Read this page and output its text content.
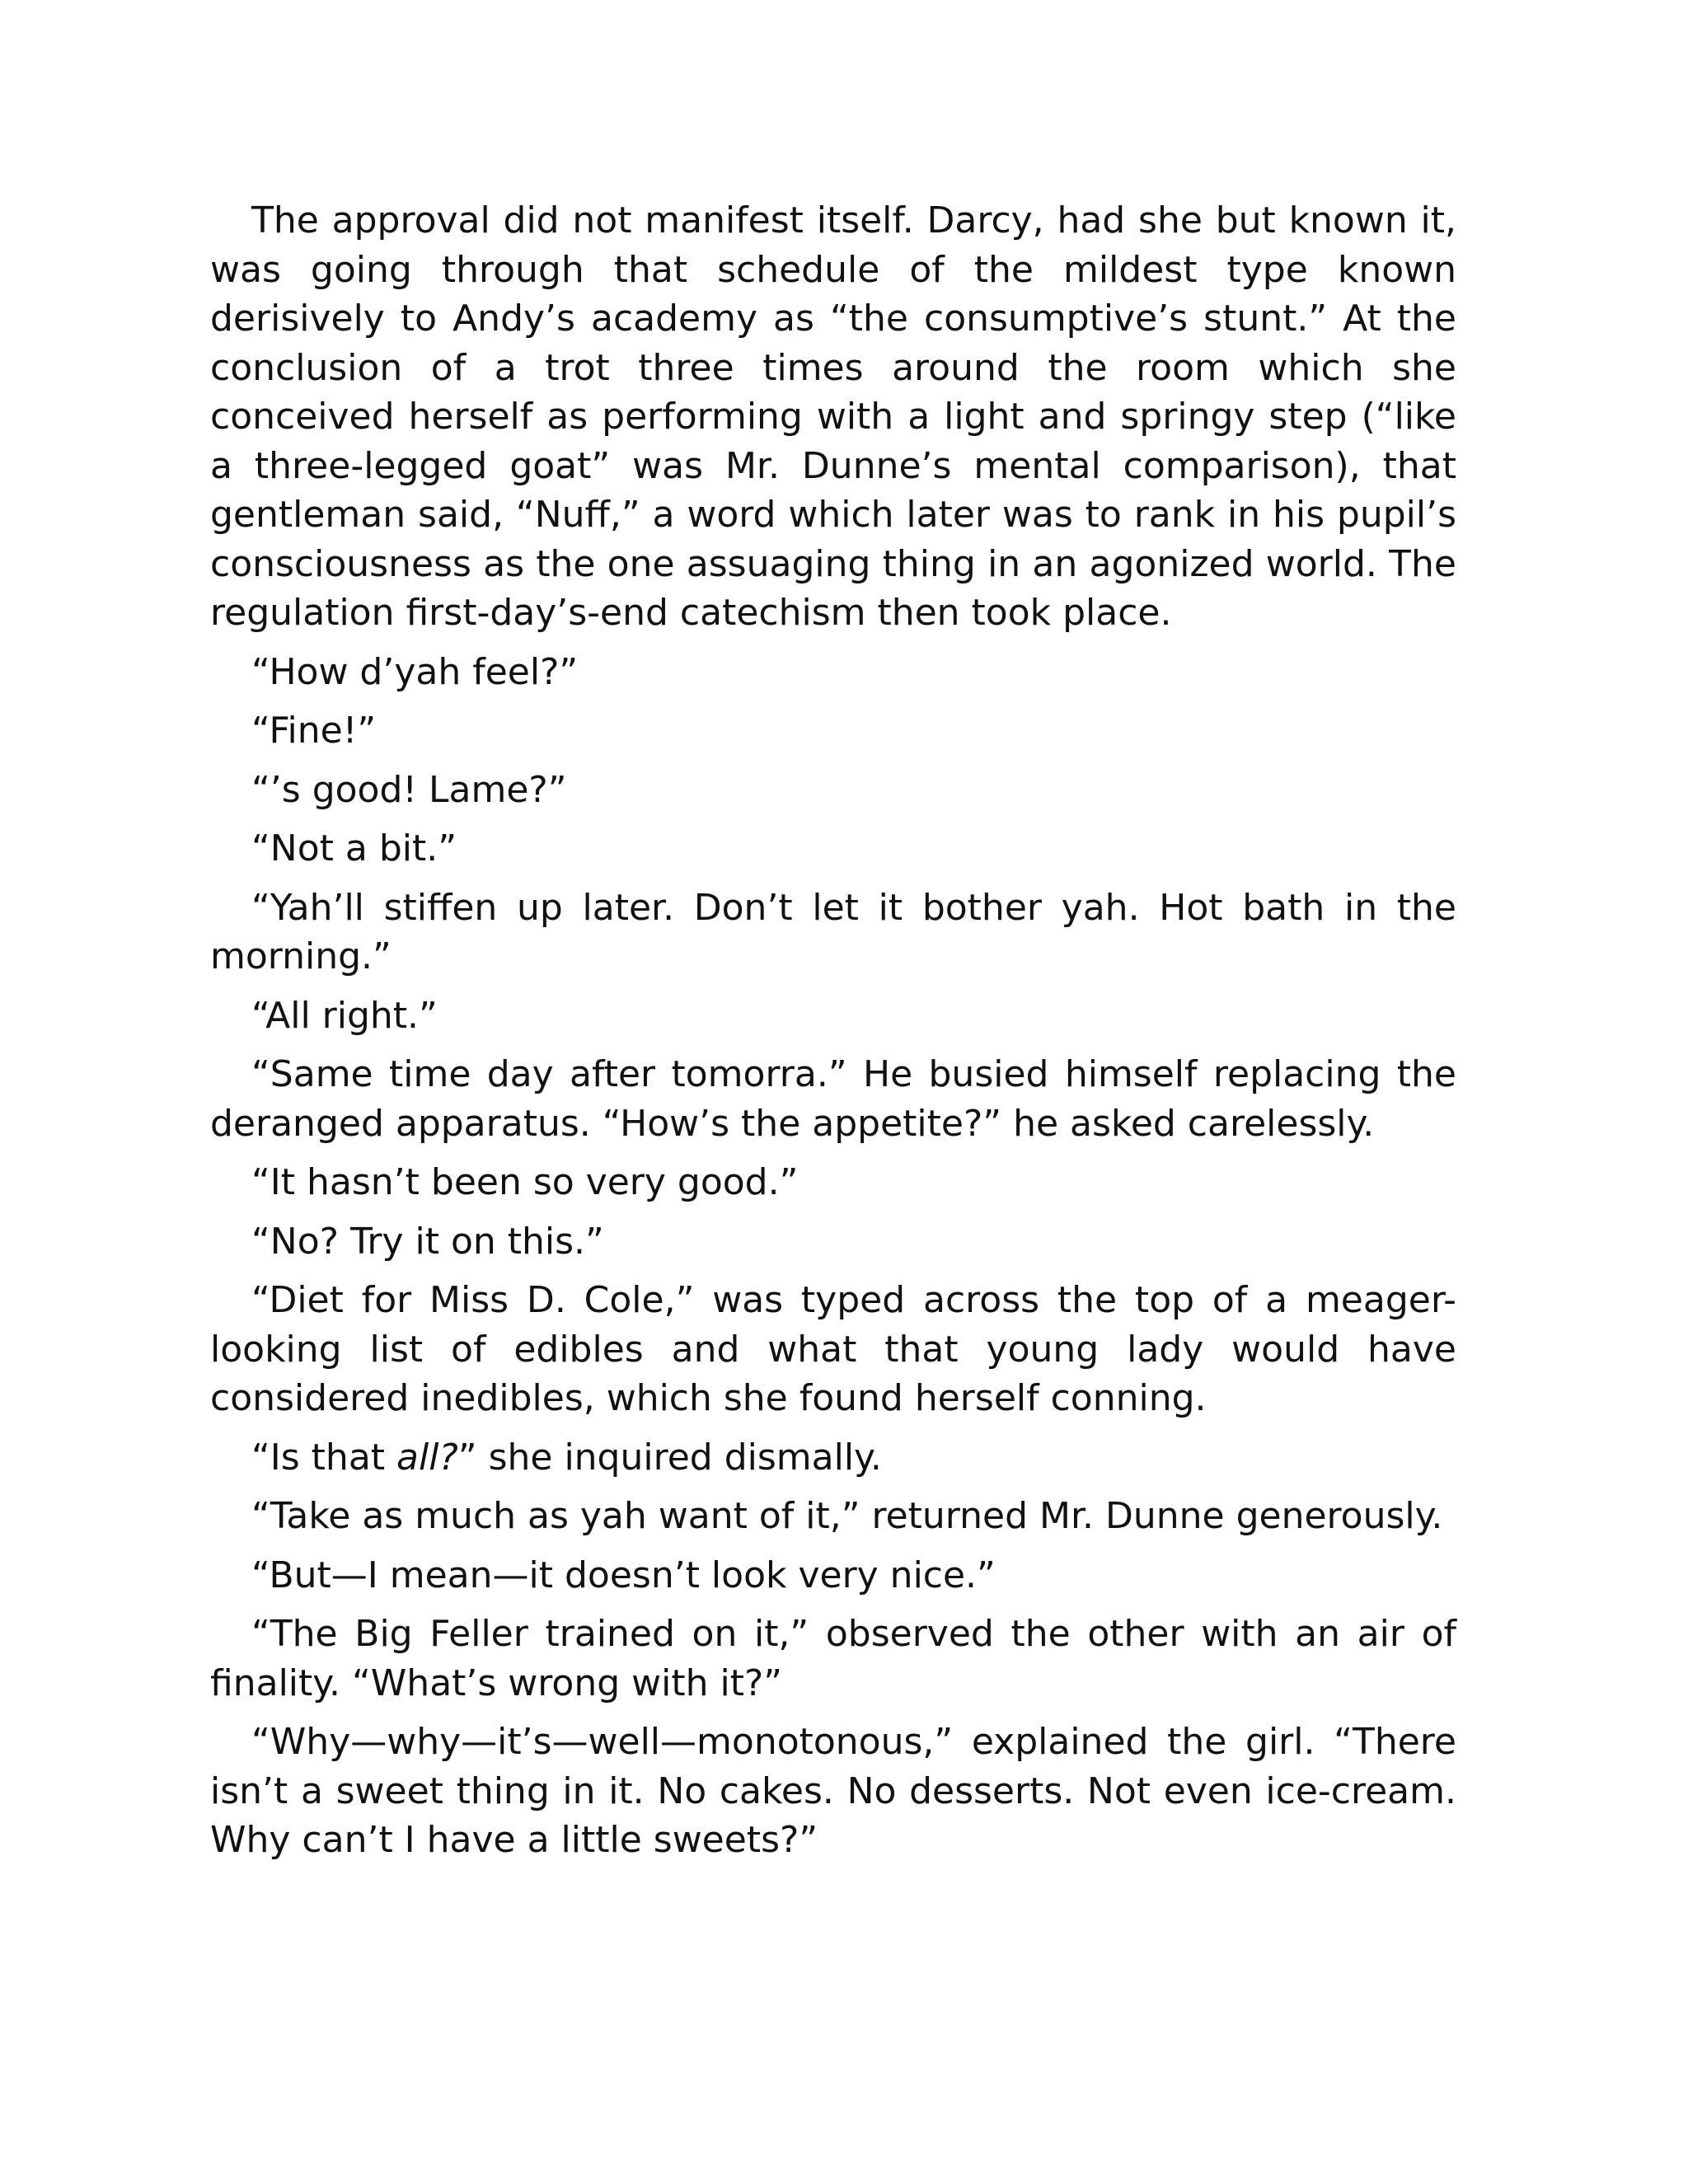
The approval did not manifest itself. Darcy, had she but known it, was going through that schedule of the mildest type known derisively to Andy’s academy as “the consumptive’s stunt.” At the conclusion of a trot three times around the room which she conceived herself as performing with a light and springy step (“like a three-legged goat” was Mr. Dunne’s mental comparison), that gentleman said, “Nuff,” a word which later was to rank in his pupil’s consciousness as the one assuaging thing in an agonized world. The regulation first-day’s-end catechism then took place.

“How d’yah feel?”

“Fine!”

“’s good! Lame?”

“Not a bit.”

“Yah’ll stiffen up later. Don’t let it bother yah. Hot bath in the morning.”

“All right.”

“Same time day after tomorra.” He busied himself replacing the deranged apparatus. “How’s the appetite?” he asked carelessly.

“It hasn’t been so very good.”

“No? Try it on this.”

“Diet for Miss D. Cole,” was typed across the top of a meager-looking list of edibles and what that young lady would have considered inedibles, which she found herself conning.

“Is that all?” she inquired dismally.

“Take as much as yah want of it,” returned Mr. Dunne generously.

“But—I mean—it doesn’t look very nice.”

“The Big Feller trained on it,” observed the other with an air of finality. “What’s wrong with it?”

“Why—why—it’s—well—monotonous,” explained the girl. “There isn’t a sweet thing in it. No cakes. No desserts. Not even ice-cream. Why can’t I have a little sweets?”
